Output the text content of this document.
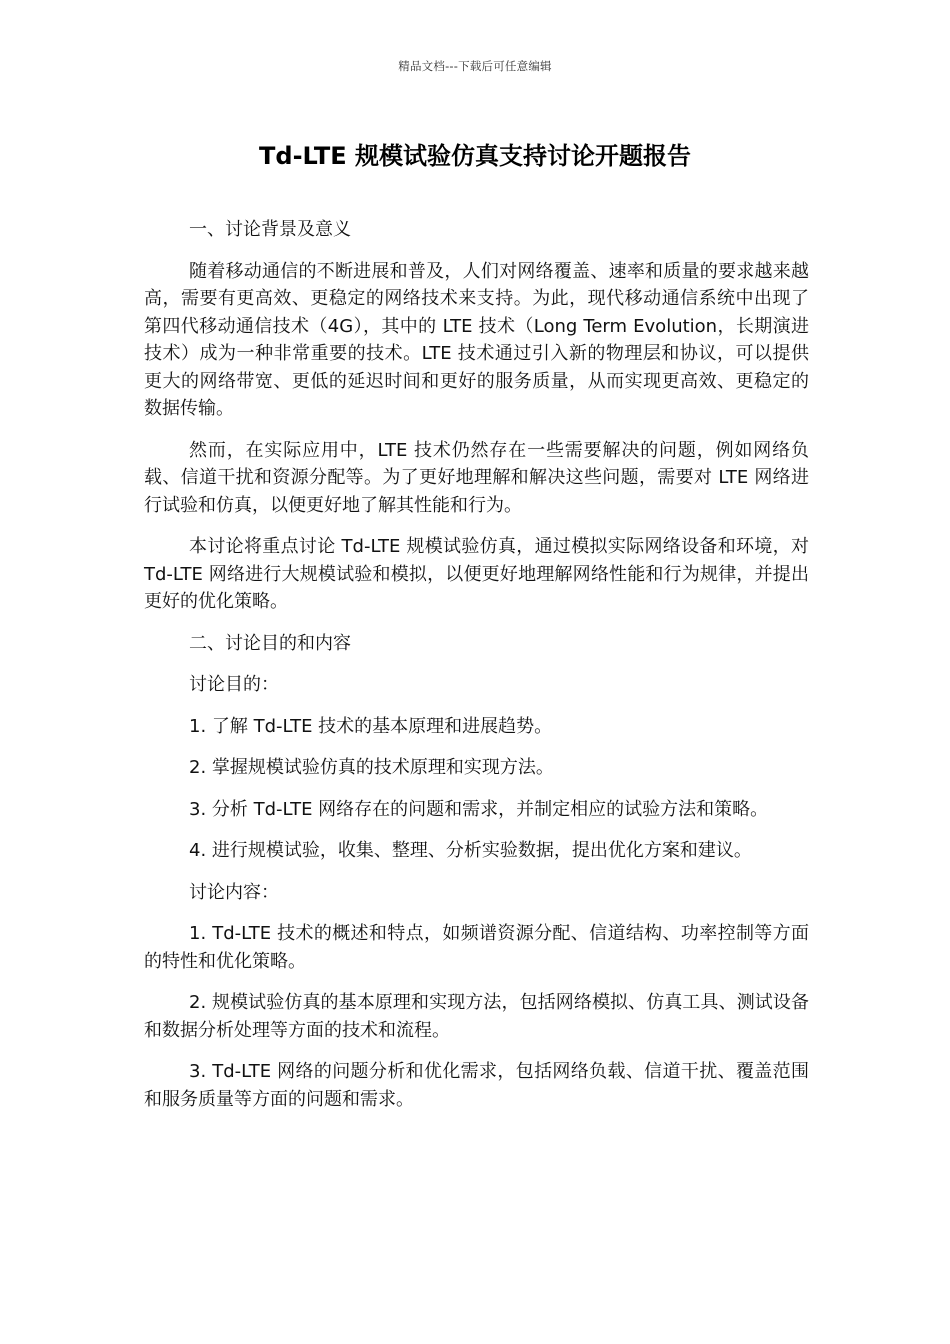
精品文档---下载后可任意编辑
Td-LTE 规模试验仿真支持讨论开题报告

一、讨论背景及意义

随着移动通信的不断进展和普及，人们对网络覆盖、速率和质量的要求越来越高，需要有更高效、更稳定的网络技术来支持。为此，现代移动通信系统中出现了第四代移动通信技术（4G），其中的 LTE 技术（Long Term Evolution，长期演进技术）成为一种非常重要的技术。LTE 技术通过引入新的物理层和协议，可以提供更大的网络带宽、更低的延迟时间和更好的服务质量，从而实现更高效、更稳定的数据传输。

然而，在实际应用中，LTE 技术仍然存在一些需要解决的问题，例如网络负载、信道干扰和资源分配等。为了更好地理解和解决这些问题，需要对 LTE 网络进行试验和仿真，以便更好地了解其性能和行为。

本讨论将重点讨论 Td-LTE 规模试验仿真，通过模拟实际网络设备和环境，对 Td-LTE 网络进行大规模试验和模拟，以便更好地理解网络性能和行为规律，并提出更好的优化策略。

二、讨论目的和内容

讨论目的：

1. 了解 Td-LTE 技术的基本原理和进展趋势。

2. 掌握规模试验仿真的技术原理和实现方法。

3. 分析 Td-LTE 网络存在的问题和需求，并制定相应的试验方法和策略。

4. 进行规模试验，收集、整理、分析实验数据，提出优化方案和建议。

讨论内容：

1. Td-LTE 技术的概述和特点，如频谱资源分配、信道结构、功率控制等方面的特性和优化策略。

2. 规模试验仿真的基本原理和实现方法，包括网络模拟、仿真工具、测试设备和数据分析处理等方面的技术和流程。

3. Td-LTE 网络的问题分析和优化需求，包括网络负载、信道干扰、覆盖范围和服务质量等方面的问题和需求。
